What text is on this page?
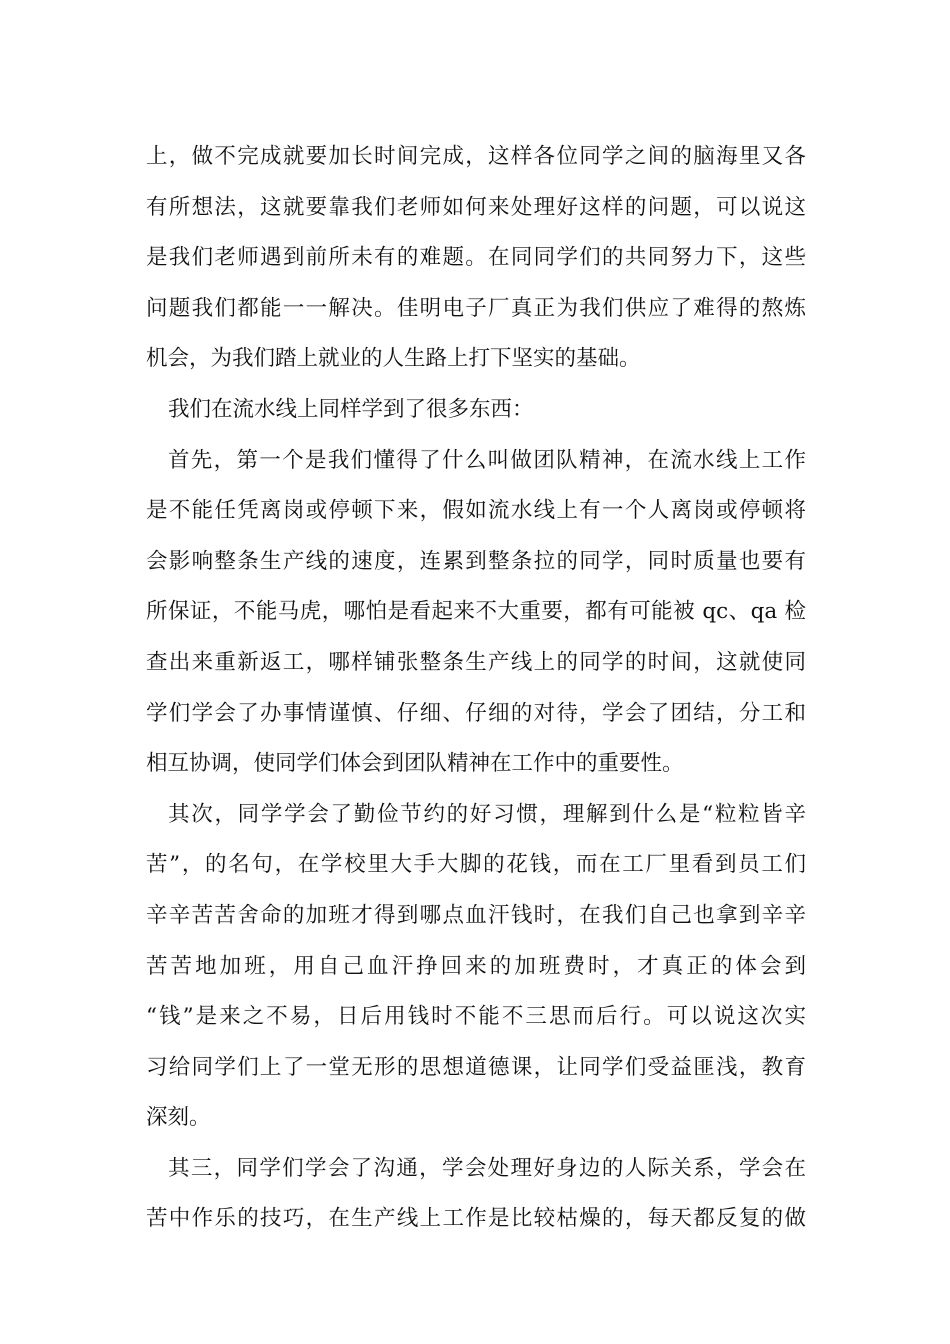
上，做不完成就要加长时间完成，这样各位同学之间的脑海里又各
有所想法，这就要靠我们老师如何来处理好这样的问题，可以说这
是我们老师遇到前所未有的难题。在同同学们的共同努力下，这些
问题我们都能一一解决。佳明电子厂真正为我们供应了难得的熬炼
机会，为我们踏上就业的人生路上打下坚实的基础。
我们在流水线上同样学到了很多东西：
首先，第一个是我们懂得了什么叫做团队精神，在流水线上工作
是不能任凭离岗或停顿下来，假如流水线上有一个人离岗或停顿将
会影响整条生产线的速度，连累到整条拉的同学，同时质量也要有
所保证，不能马虎，哪怕是看起来不大重要，都有可能被 qc、qa 检
查出来重新返工，哪样铺张整条生产线上的同学的时间，这就使同
学们学会了办事情谨慎、仔细、仔细的对待，学会了团结，分工和
相互协调，使同学们体会到团队精神在工作中的重要性。
其次，同学学会了勤俭节约的好习惯，理解到什么是“粒粒皆辛
苦”，的名句，在学校里大手大脚的花钱，而在工厂里看到员工们
辛辛苦苦舍命的加班才得到哪点血汗钱时，在我们自己也拿到辛辛
苦苦地加班，用自己血汗挣回来的加班费时，才真正的体会到
“钱”是来之不易，日后用钱时不能不三思而后行。可以说这次实
习给同学们上了一堂无形的思想道德课，让同学们受益匪浅，教育
深刻。
其三，同学们学会了沟通，学会处理好身边的人际关系，学会在
苦中作乐的技巧，在生产线上工作是比较枯燥的，每天都反复的做
